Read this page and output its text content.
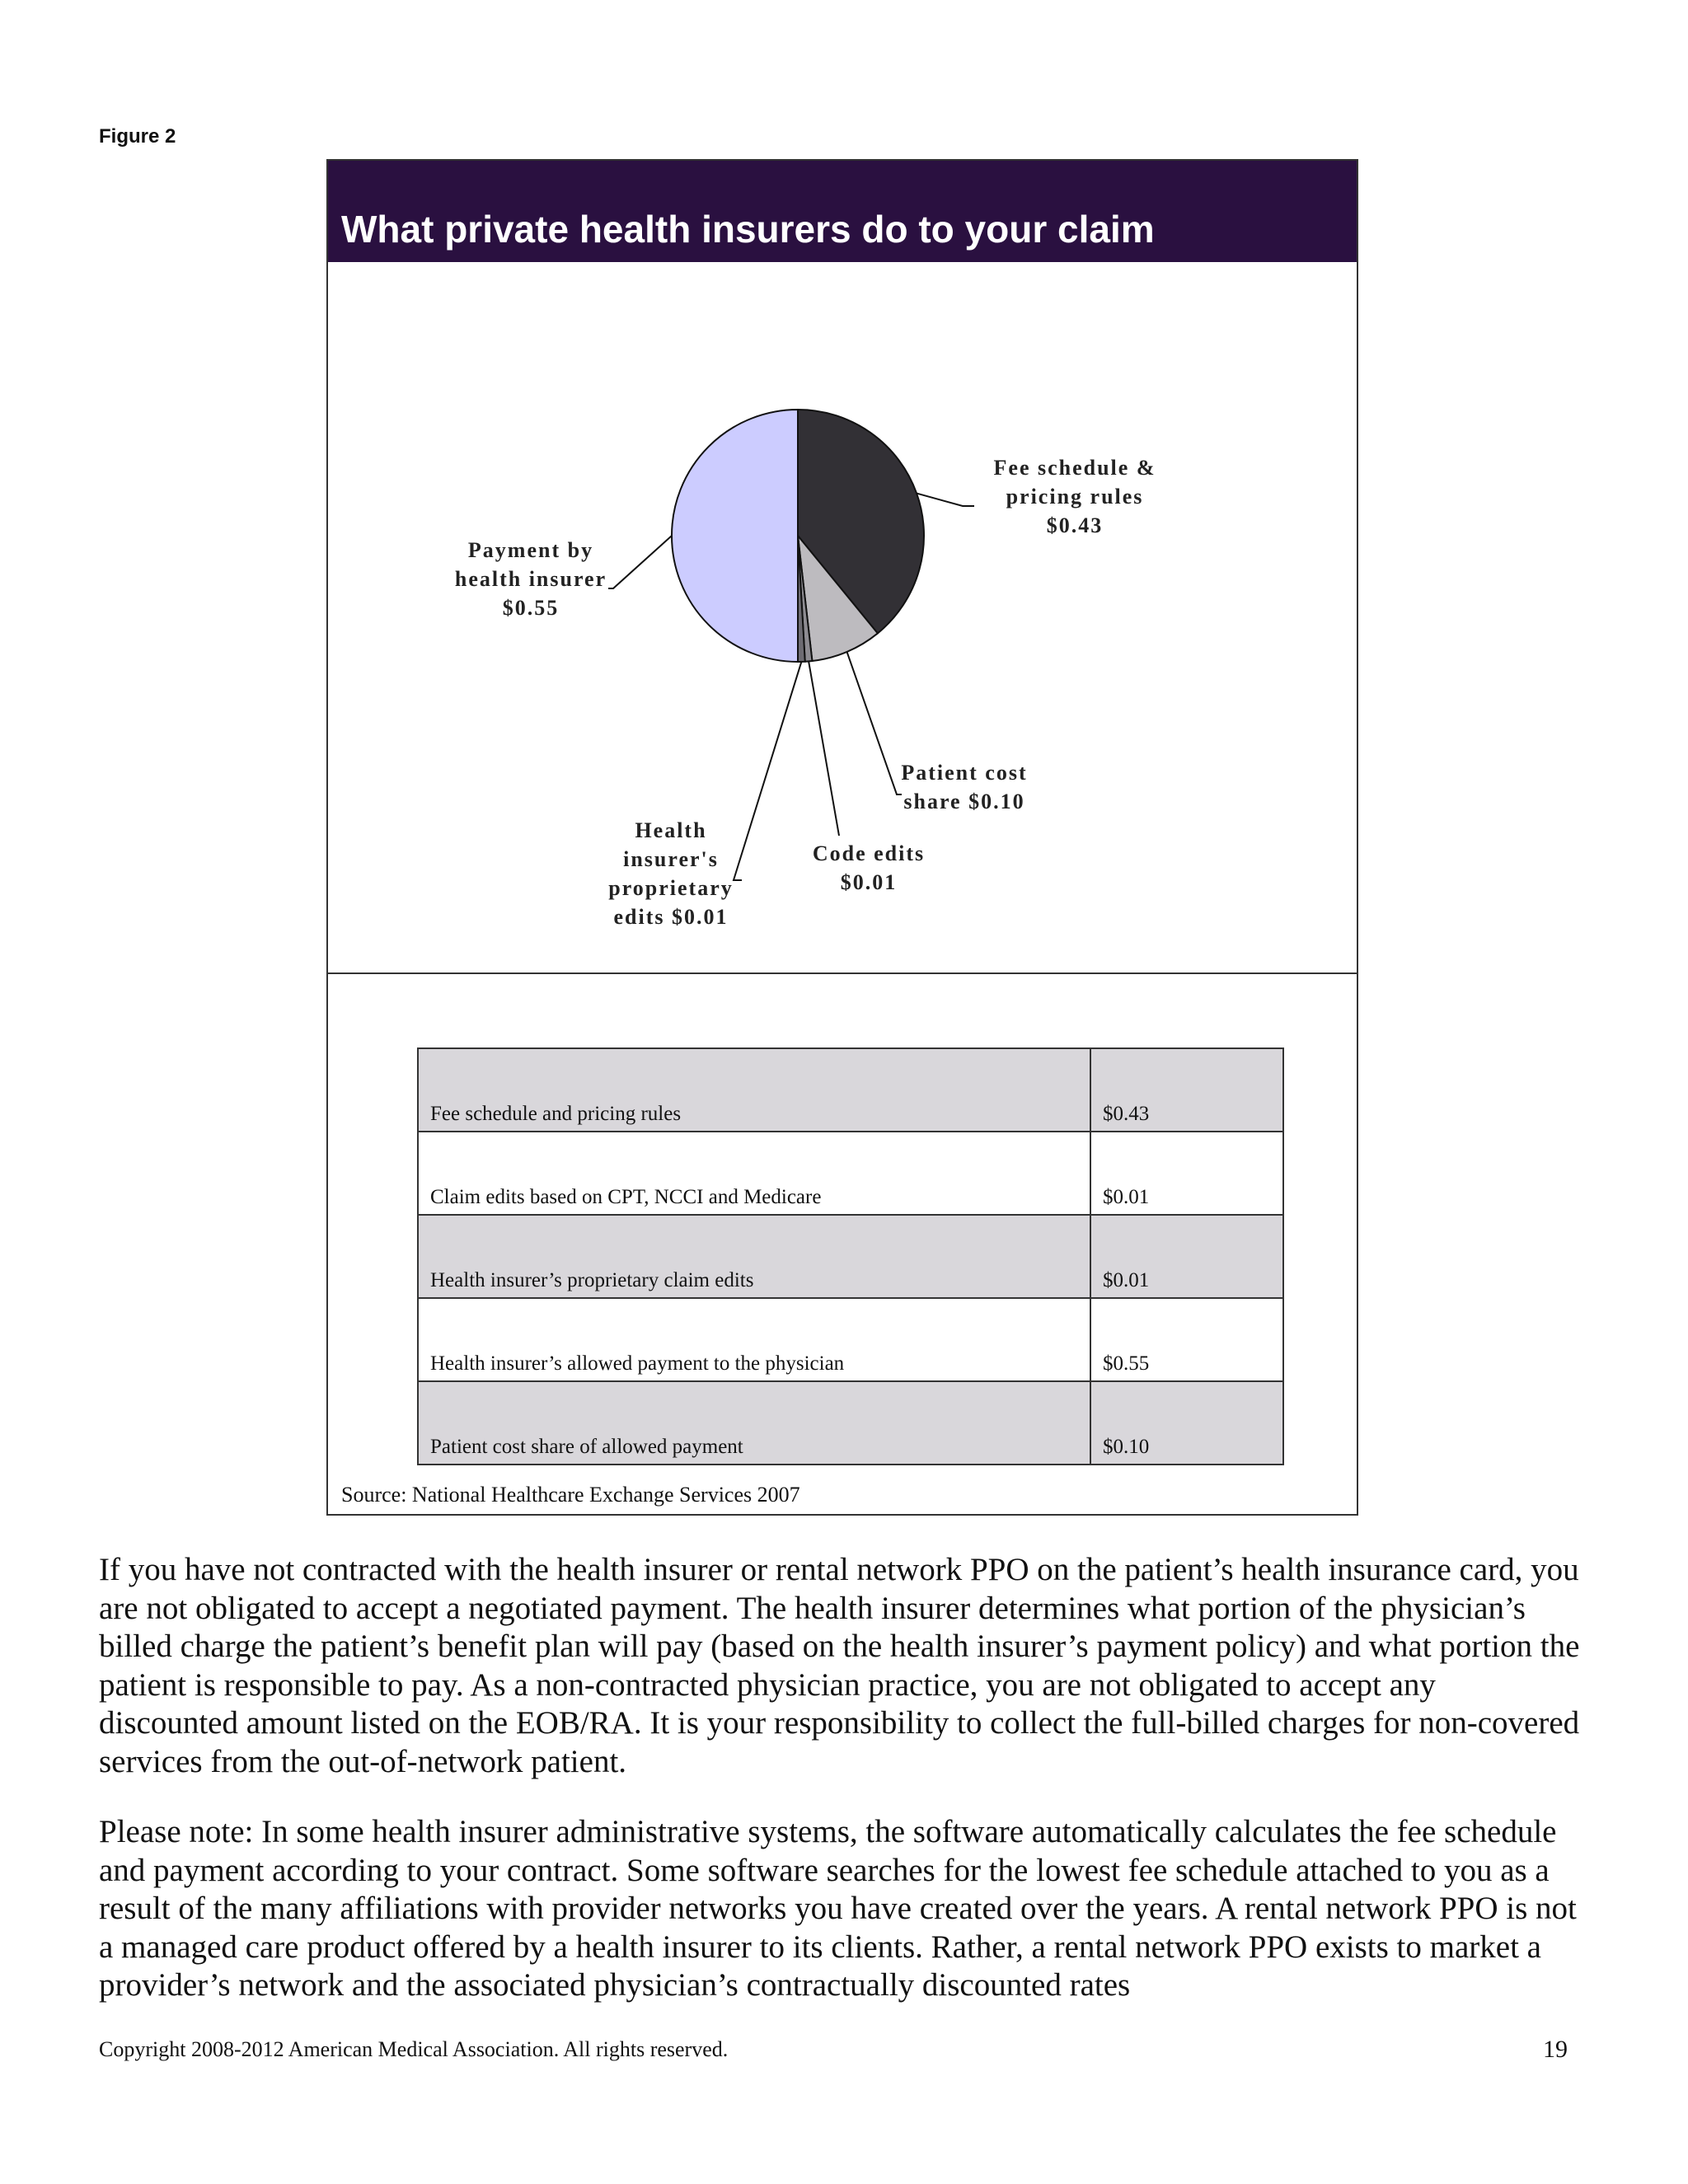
Figure 2
What private health insurers do to your claim
Fee schedule & pricing rules $0.43
Patient cost share $0.10
Code edits $0.01
Health insurer's proprietary edits $0.01
Payment by health insurer $0.55
Fee schedule and pricing rules	$0.43
Claim edits based on CPT, NCCI and Medicare	$0.01
Health insurer’s proprietary claim edits	$0.01
Health insurer’s allowed payment to the physician	$0.55
Patient cost share of allowed payment	$0.10
Source: National Healthcare Exchange Services 2007

If you have not contracted with the health insurer or rental network PPO on the patient’s health insurance card, you are not obligated to accept a negotiated payment. The health insurer determines what portion of the physician’s billed charge the patient’s benefit plan will pay (based on the health insurer’s payment policy) and what portion the patient is responsible to pay. As a non-contracted physician practice, you are not obligated to accept any discounted amount listed on the EOB/RA. It is your responsibility to collect the full-billed charges for non-covered services from the out-of-network patient.

Please note: In some health insurer administrative systems, the software automatically calculates the fee schedule and payment according to your contract. Some software searches for the lowest fee schedule attached to you as a result of the many affiliations with provider networks you have created over the years. A rental network PPO is not a managed care product offered by a health insurer to its clients. Rather, a rental network PPO exists to market a provider’s network and the associated physician’s contractually discounted rates

Copyright 2008-2012 American Medical Association. All rights reserved.	19
